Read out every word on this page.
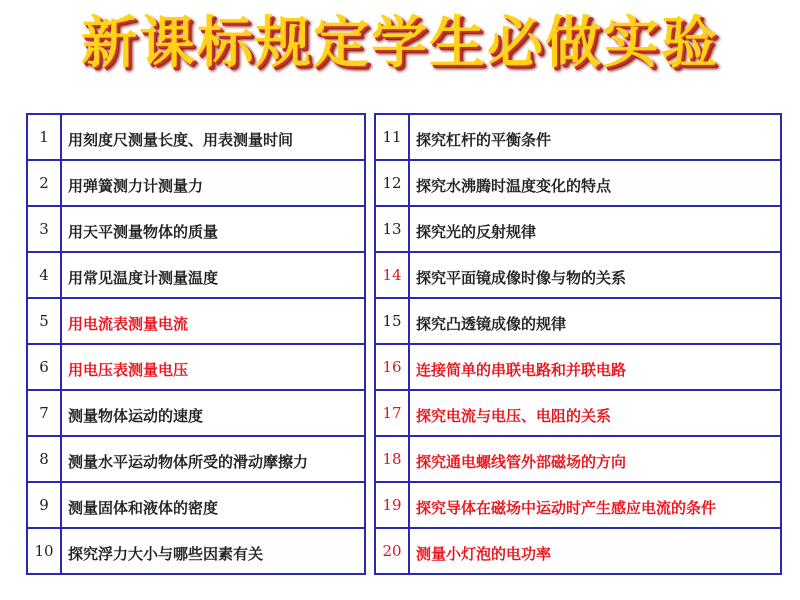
新课标规定学生必做实验
1	用刻度尺测量长度、用表测量时间
2	用弹簧测力计测量力
3	用天平测量物体的质量
4	用常见温度计测量温度
5	用电流表测量电流
6	用电压表测量电压
7	测量物体运动的速度
8	测量水平运动物体所受的滑动摩擦力
9	测量固体和液体的密度
10	探究浮力大小与哪些因素有关
11	探究杠杆的平衡条件
12	探究水沸腾时温度变化的特点
13	探究光的反射规律
14	探究平面镜成像时像与物的关系
15	探究凸透镜成像的规律
16	连接简单的串联电路和并联电路
17	探究电流与电压、电阻的关系
18	探究通电螺线管外部磁场的方向
19	探究导体在磁场中运动时产生感应电流的条件
20	测量小灯泡的电功率
